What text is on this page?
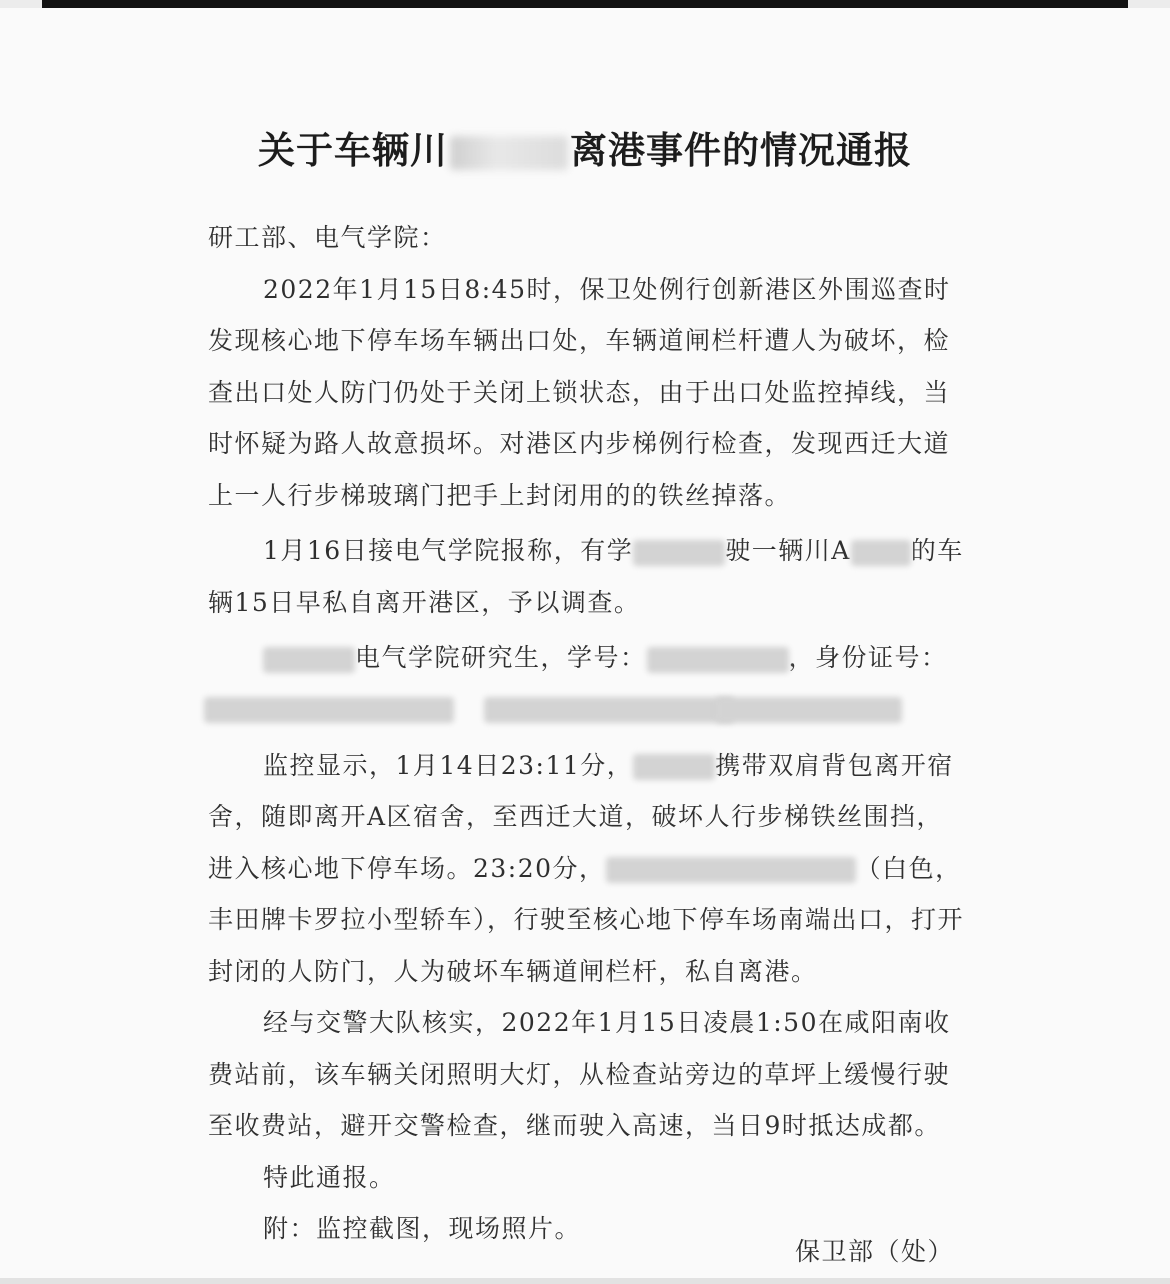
关于车辆川	离港事件的情况通报

研工部、电气学院：

2022年1月15日8:45时，保卫处例行创新港区外围巡查时发现核心地下停车场车辆出口处，车辆道闸栏杆遭人为破坏，检查出口处人防门仍处于关闭上锁状态，由于出口处监控掉线，当时怀疑为路人故意损坏。对港区内步梯例行检查，发现西迁大道上一人行步梯玻璃门把手上封闭用的的铁丝掉落。

1月16日接电气学院报称，有学	驶一辆川A 的车辆15日早私自离开港区，予以调查。

电气学院研究生，学号：	，身份证号：

监控显示，1月14日23:11分，	携带双肩背包离开宿舍，随即离开A区宿舍，至西迁大道，破坏人行步梯铁丝围挡，进入核心地下停车场。23:20分，	（白色，丰田牌卡罗拉小型轿车），行驶至核心地下停车场南端出口，打开封闭的人防门，人为破坏车辆道闸栏杆，私自离港。

经与交警大队核实，2022年1月15日凌晨1:50在咸阳南收费站前，该车辆关闭照明大灯，从检查站旁边的草坪上缓慢行驶至收费站，避开交警检查，继而驶入高速，当日9时抵达成都。

特此通报。

附：监控截图，现场照片。

保卫部（处）
